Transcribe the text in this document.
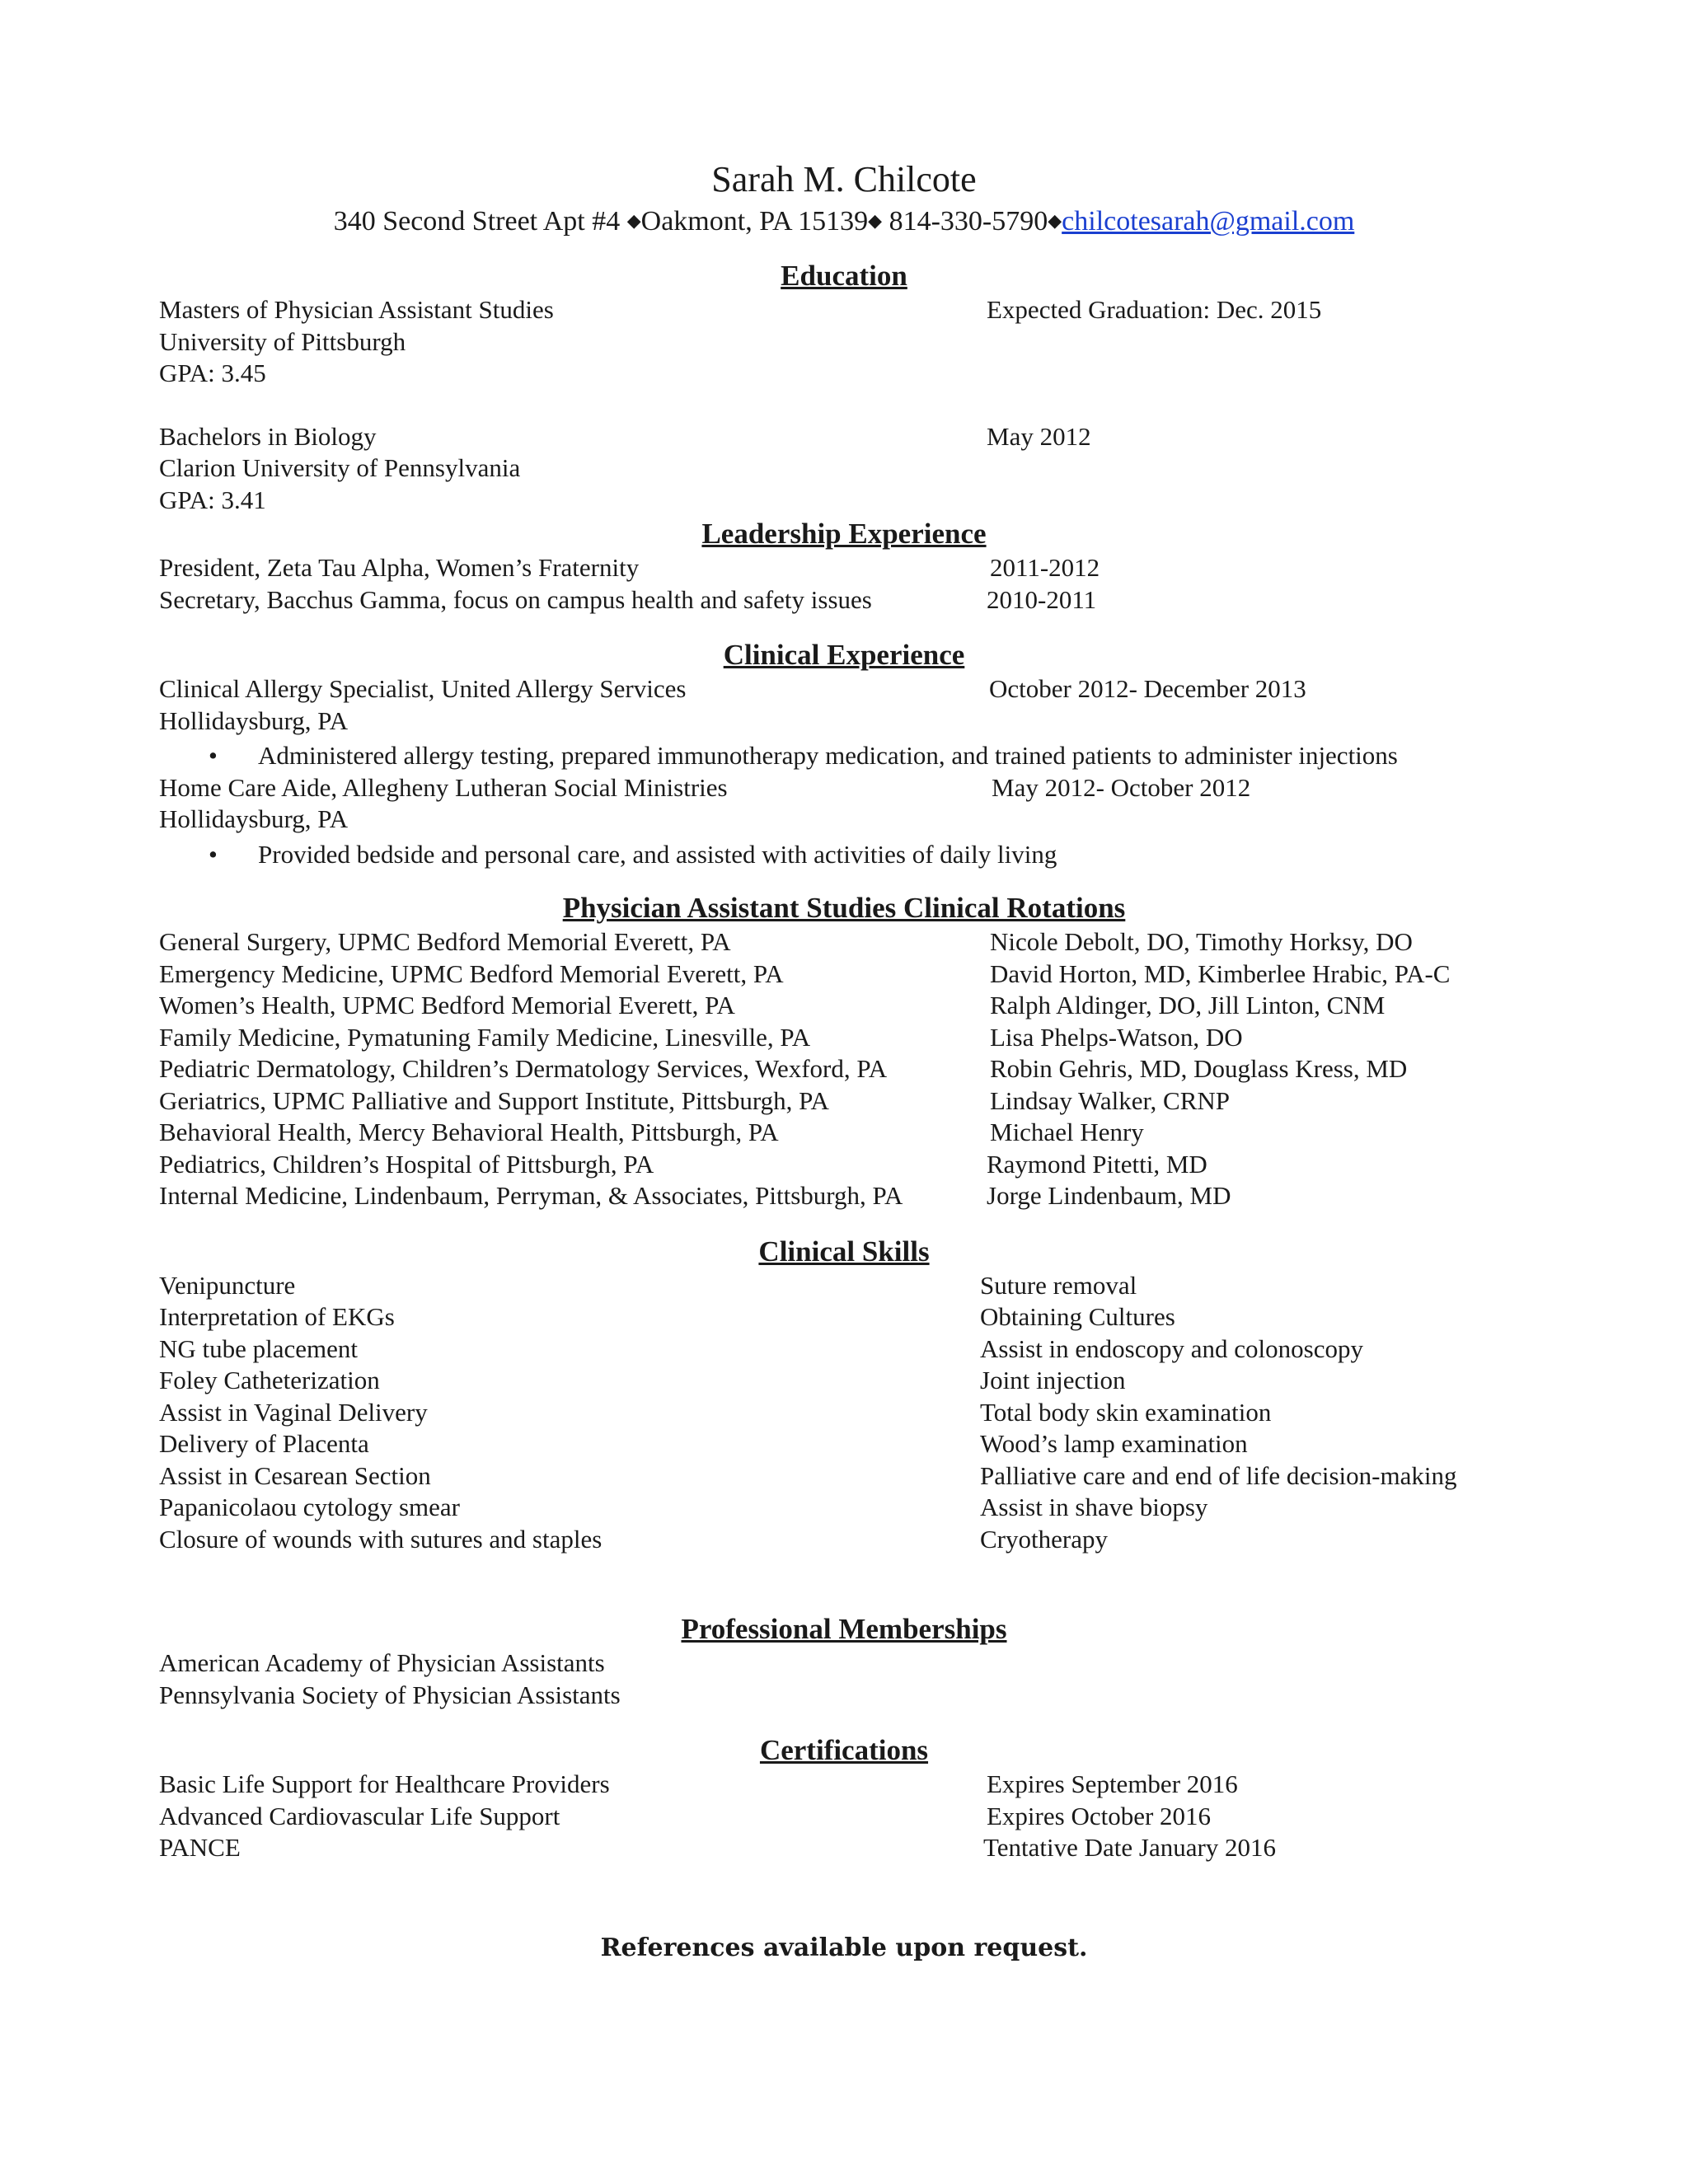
Sarah M. Chilcote

340 Second Street Apt #4 ◆Oakmont, PA 15139◆ 814-330-5790◆chilcotesarah@gmail.com

Education

Masters of Physician Assistant Studies	Expected Graduation: Dec. 2015
University of Pittsburgh
GPA: 3.45
Bachelors in Biology	May 2012
Clarion University of Pennsylvania
GPA: 3.41

Leadership Experience

President, Zeta Tau Alpha, Women’s Fraternity	2011-2012
Secretary, Bacchus Gamma, focus on campus health and safety issues	2010-2011

Clinical Experience

Clinical Allergy Specialist, United Allergy Services	October 2012- December 2013
Hollidaysburg, PA
• Administered allergy testing, prepared immunotherapy medication, and trained patients to administer injections
Home Care Aide, Allegheny Lutheran Social Ministries	May 2012- October 2012
Hollidaysburg, PA
• Provided bedside and personal care, and assisted with activities of daily living

Physician Assistant Studies Clinical Rotations

General Surgery, UPMC Bedford Memorial Everett, PA	Nicole Debolt, DO, Timothy Horksy, DO
Emergency Medicine, UPMC Bedford Memorial Everett, PA	David Horton, MD, Kimberlee Hrabic, PA-C
Women’s Health, UPMC Bedford Memorial Everett, PA	Ralph Aldinger, DO, Jill Linton, CNM
Family Medicine, Pymatuning Family Medicine, Linesville, PA	Lisa Phelps-Watson, DO
Pediatric Dermatology, Children’s Dermatology Services, Wexford, PA	Robin Gehris, MD, Douglass Kress, MD
Geriatrics, UPMC Palliative and Support Institute, Pittsburgh, PA	Lindsay Walker, CRNP
Behavioral Health, Mercy Behavioral Health, Pittsburgh, PA	Michael Henry
Pediatrics, Children’s Hospital of Pittsburgh, PA	Raymond Pitetti, MD
Internal Medicine, Lindenbaum, Perryman, & Associates, Pittsburgh, PA	Jorge Lindenbaum, MD

Clinical Skills

Venipuncture	Suture removal
Interpretation of EKGs	Obtaining Cultures
NG tube placement	Assist in endoscopy and colonoscopy
Foley Catheterization	Joint injection
Assist in Vaginal Delivery	Total body skin examination
Delivery of Placenta	Wood’s lamp examination
Assist in Cesarean Section	Palliative care and end of life decision-making
Papanicolaou cytology smear	Assist in shave biopsy
Closure of wounds with sutures and staples	Cryotherapy

Professional Memberships

American Academy of Physician Assistants
Pennsylvania Society of Physician Assistants

Certifications

Basic Life Support for Healthcare Providers	Expires September 2016
Advanced Cardiovascular Life Support	Expires October 2016
PANCE	Tentative Date January 2016
References available upon request.
